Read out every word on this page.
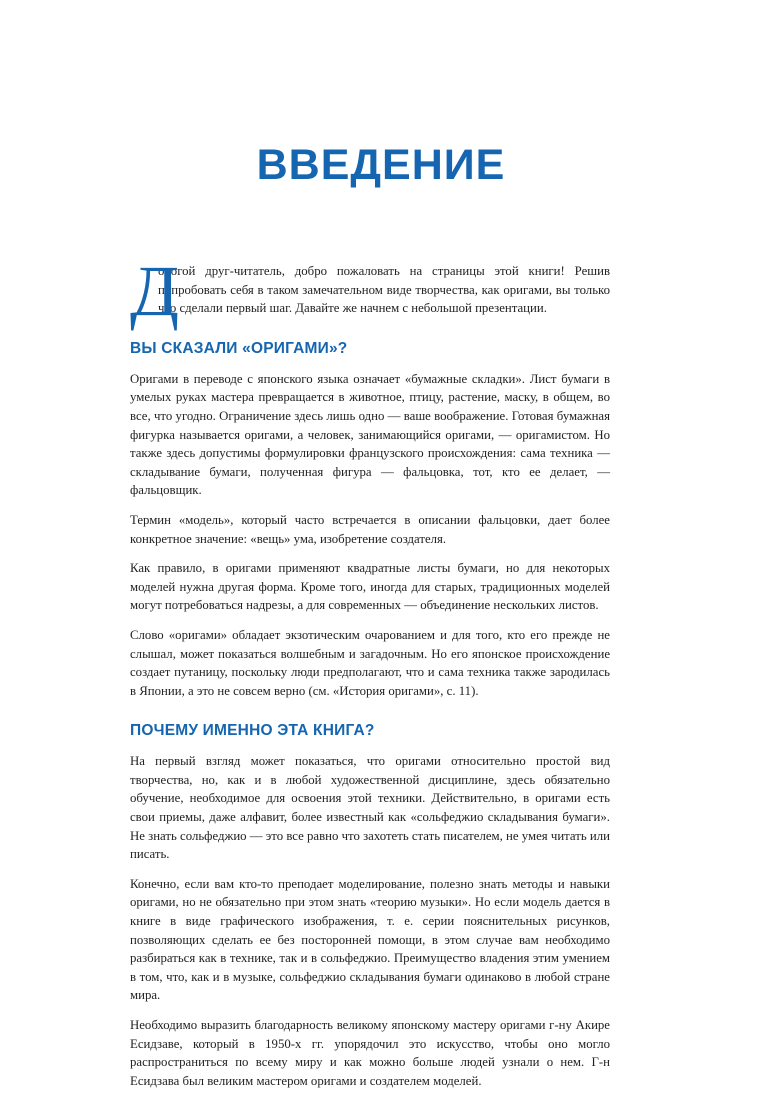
ВВЕДЕНИЕ
Д

орогой друг-читатель, добро пожаловать на страницы этой книги! Решив попробовать себя в таком замечательном виде творчества, как оригами, вы только что сделали первый шаг. Давайте же начнем с небольшой презентации.

ВЫ СКАЗАЛИ «ОРИГАМИ»?

Оригами в переводе с японского языка означает «бумажные складки». Лист бумаги в умелых руках мастера превращается в животное, птицу, растение, маску, в общем, во все, что угодно. Ограничение здесь лишь одно — ваше воображение. Готовая бумажная фигурка называется оригами, а человек, занимающийся оригами, — оригамистом. Но также здесь допустимы формулировки французского происхождения: сама техника — складывание бумаги, полученная фигура — фальцовка, тот, кто ее делает, — фальцовщик.

Термин «модель», который часто встречается в описании фальцовки, дает более конкретное значение: «вещь» ума, изобретение создателя.

Как правило, в оригами применяют квадратные листы бумаги, но для некоторых моделей нужна другая форма. Кроме того, иногда для старых, традиционных моделей могут потребоваться надрезы, а для современных — объединение нескольких листов.

Слово «оригами» обладает экзотическим очарованием и для того, кто его прежде не слышал, может показаться волшебным и загадочным. Но его японское происхождение создает путаницу, поскольку люди предполагают, что и сама техника также зародилась в Японии, а это не совсем верно (см. «История оригами», с. 11).

ПОЧЕМУ ИМЕННО ЭТА КНИГА?

На первый взгляд может показаться, что оригами относительно простой вид творчества, но, как и в любой художественной дисциплине, здесь обязательно обучение, необходимое для освоения этой техники. Действительно, в оригами есть свои приемы, даже алфавит, более известный как «сольфеджио складывания бумаги». Не знать сольфеджио — это все равно что захотеть стать писателем, не умея читать или писать.

Конечно, если вам кто-то преподает моделирование, полезно знать методы и навыки оригами, но не обязательно при этом знать «теорию музыки». Но если модель дается в книге в виде графического изображения, т. е. серии пояснительных рисунков, позволяющих сделать ее без посторонней помощи, в этом случае вам необходимо разбираться как в технике, так и в сольфеджио. Преимущество владения этим умением в том, что, как и в музыке, сольфеджио складывания бумаги одинаково в любой стране мира.

Необходимо выразить благодарность великому японскому мастеру оригами г-ну Акире Есидзаве, который в 1950-х гг. упорядочил это искусство, чтобы оно могло распространиться по всему миру и как можно больше людей узнали о нем. Г-н Есидзава был великим мастером оригами и создателем моделей.
